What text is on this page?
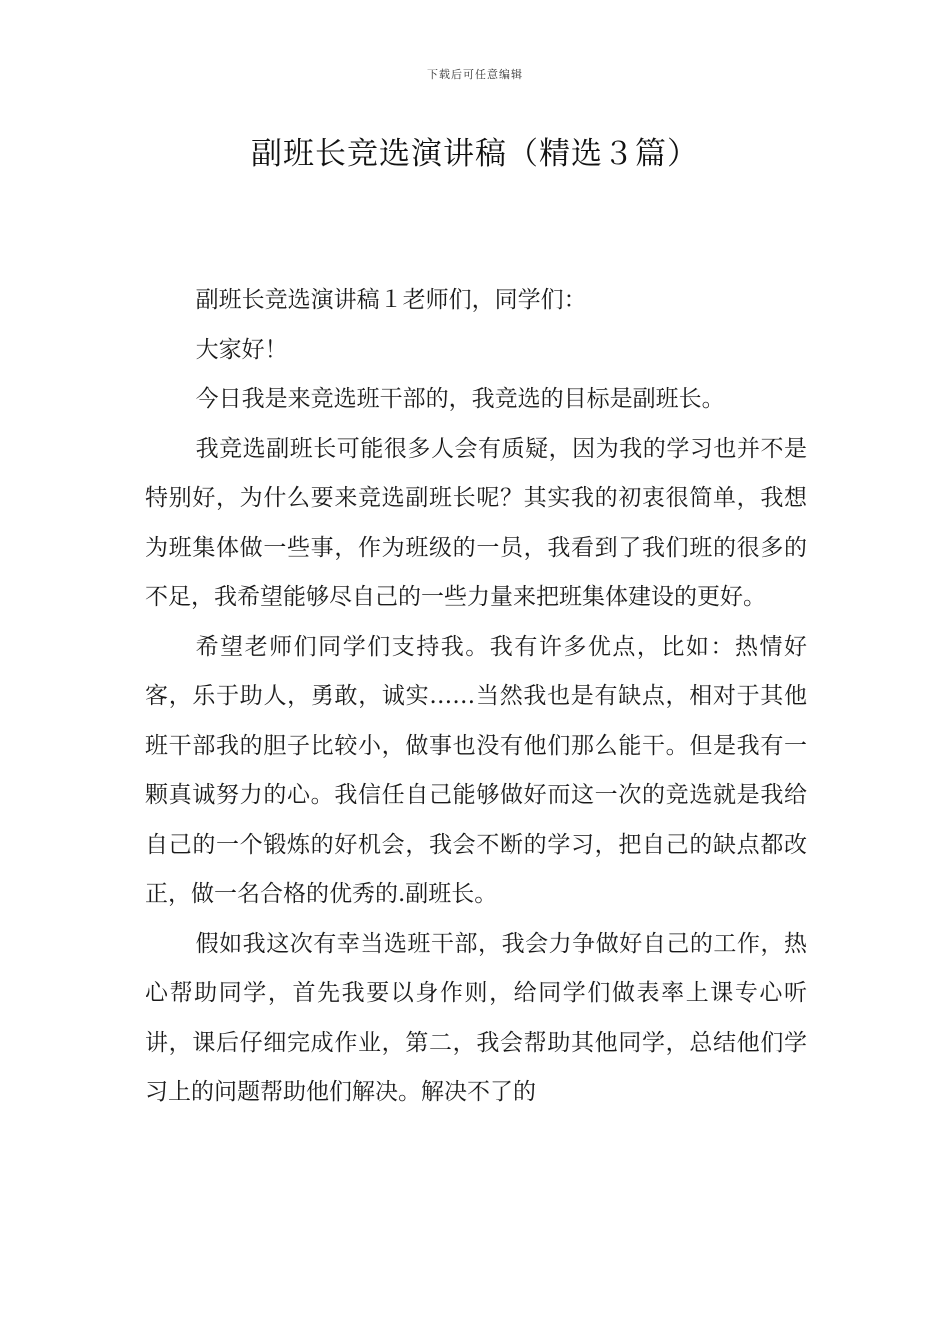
下载后可任意编辑
副班长竞选演讲稿（精选３篇）

副班长竞选演讲稿１老师们，同学们：

大家好！

今日我是来竞选班干部的，我竞选的目标是副班长。

我竞选副班长可能很多人会有质疑，因为我的学习也并不是特别好，为什么要来竞选副班长呢？其实我的初衷很简单，我想为班集体做一些事，作为班级的一员，我看到了我们班的很多的不足，我希望能够尽自己的一些力量来把班集体建设的更好。

希望老师们同学们支持我。我有许多优点，比如：热情好客，乐于助人，勇敢，诚实……当然我也是有缺点，相对于其他班干部我的胆子比较小，做事也没有他们那么能干。但是我有一颗真诚努力的心。我信任自己能够做好而这一次的竞选就是我给自己的一个锻炼的好机会，我会不断的学习，把自己的缺点都改正，做一名合格的优秀的.副班长。

假如我这次有幸当选班干部，我会力争做好自己的工作，热心帮助同学，首先我要以身作则，给同学们做表率上课专心听讲，课后仔细完成作业，第二，我会帮助其他同学，总结他们学习上的问题帮助他们解决。解决不了的
